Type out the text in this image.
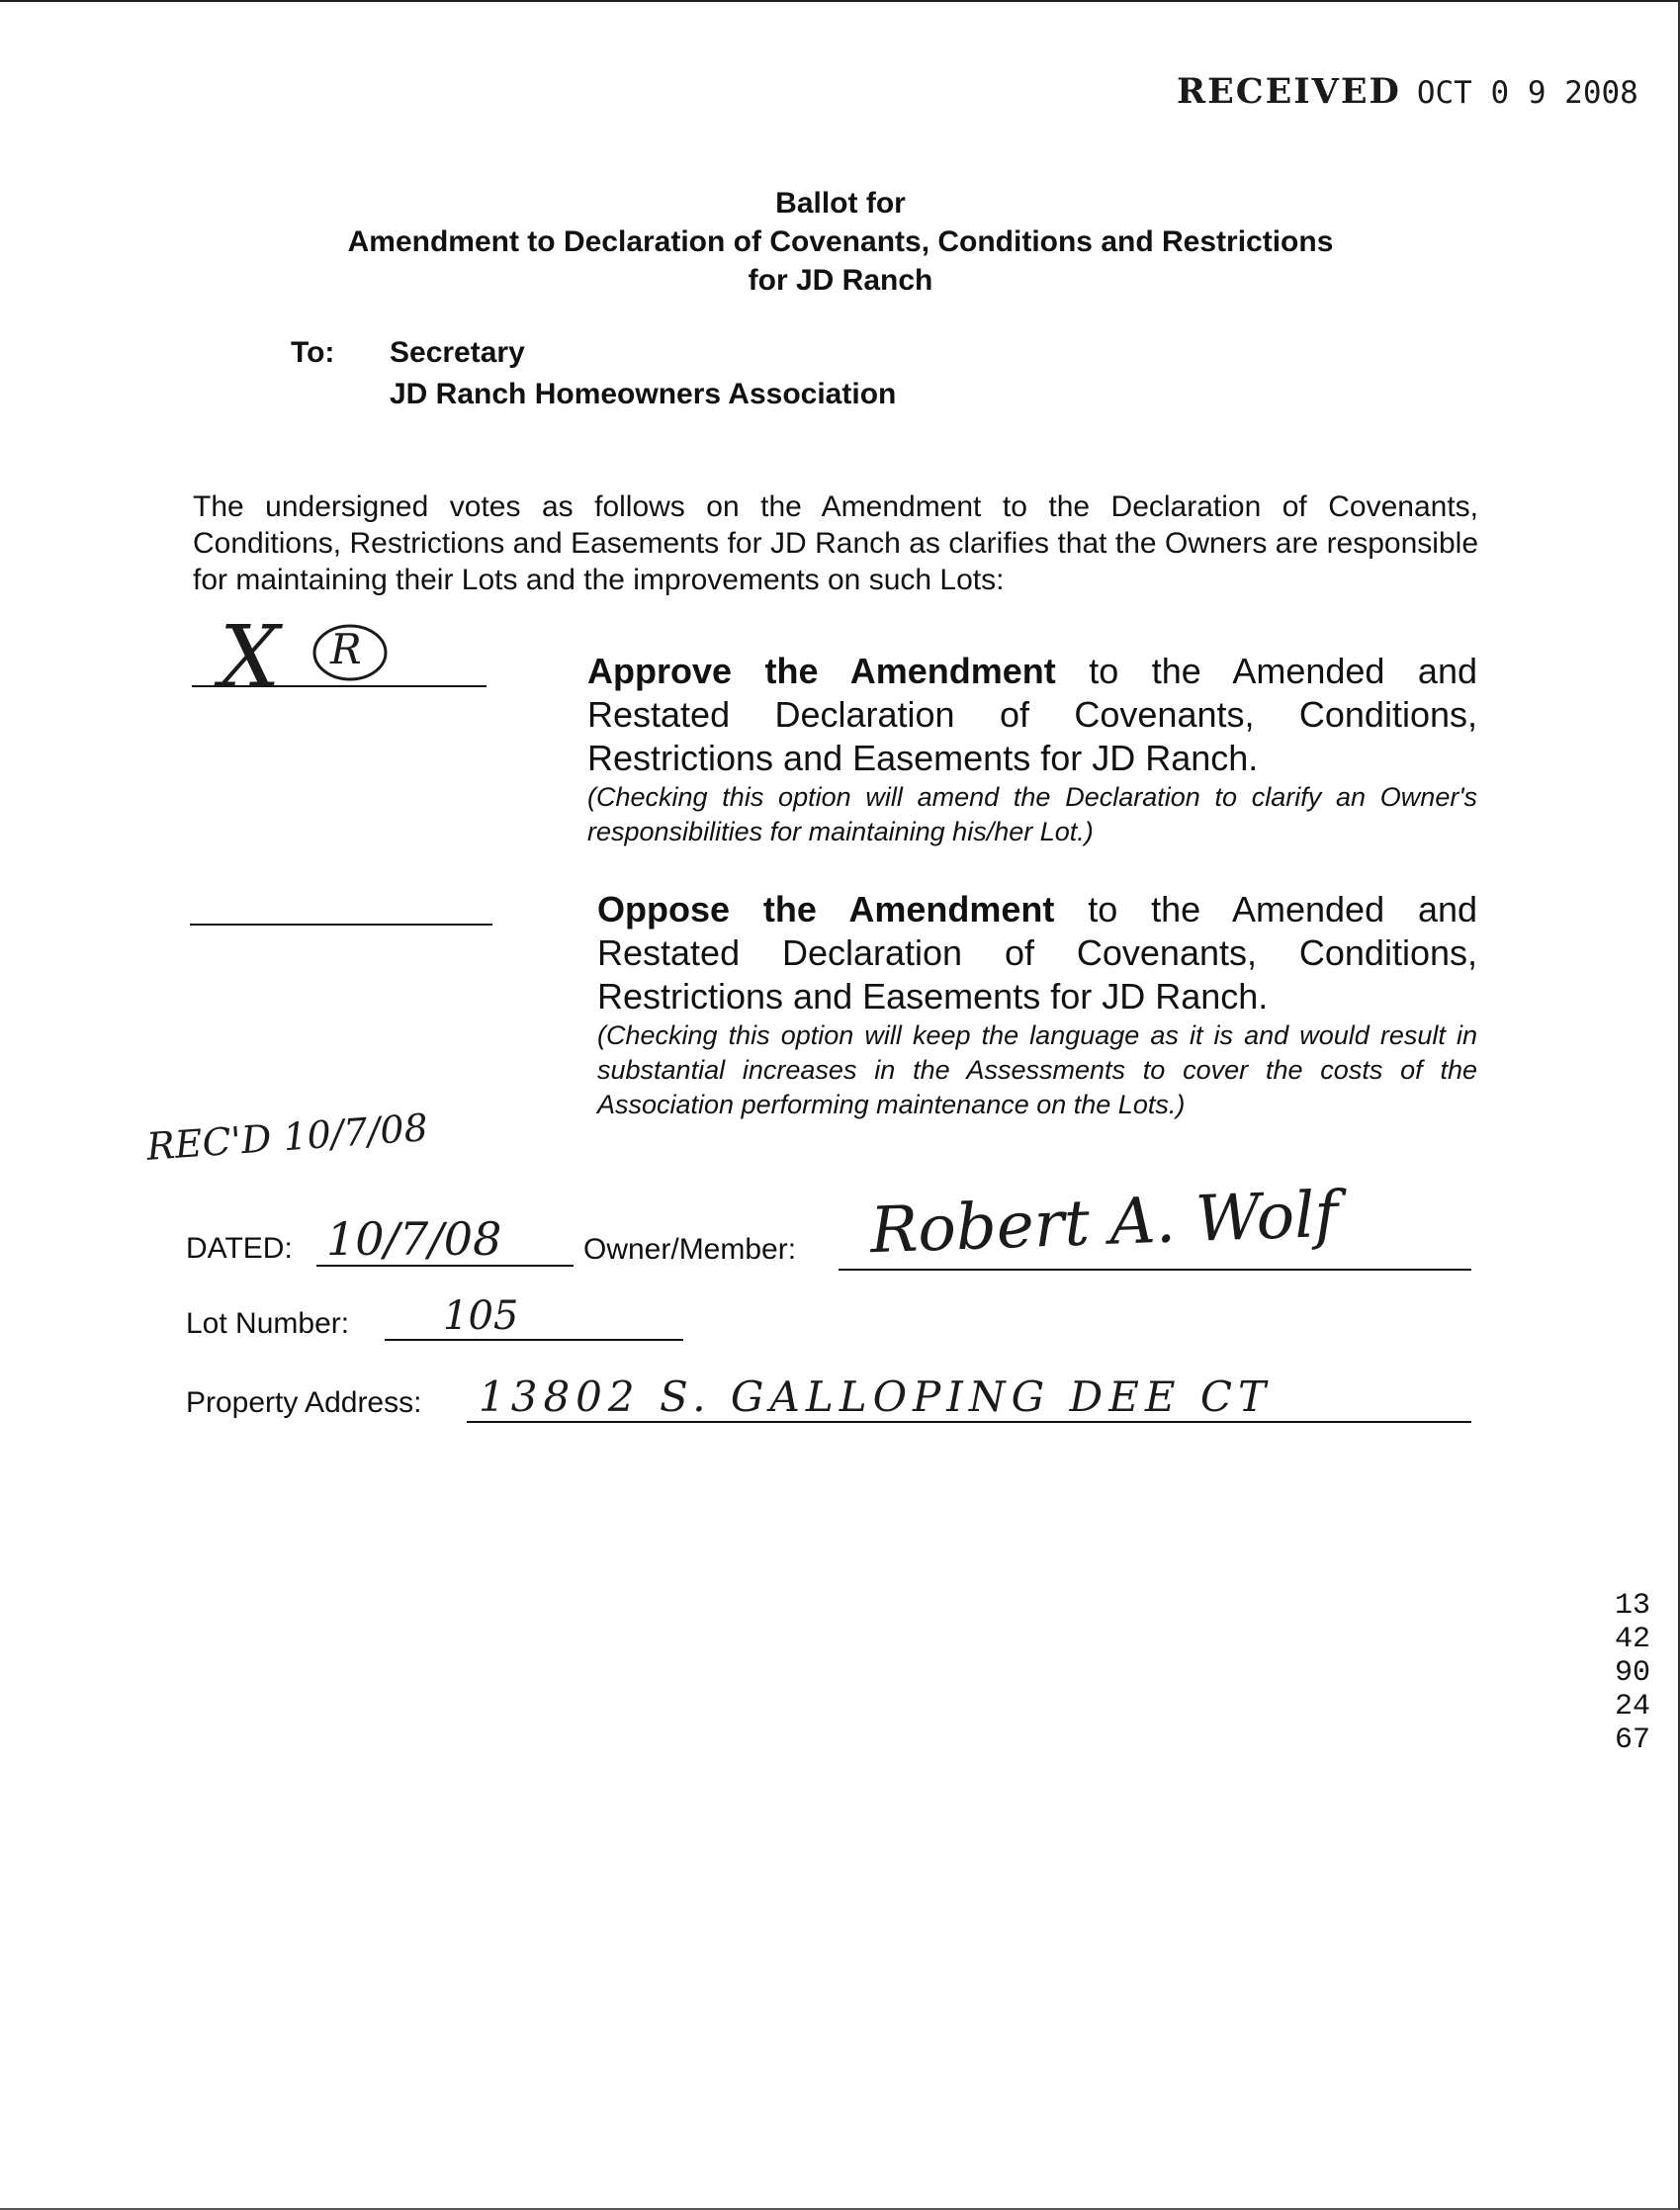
RECEIVED OCT 0 9 2008
Ballot for
Amendment to Declaration of Covenants, Conditions and Restrictions
for JD Ranch
To: Secretary
JD Ranch Homeowners Association
The undersigned votes as follows on the Amendment to the Declaration of Covenants, Conditions, Restrictions and Easements for JD Ranch as clarifies that the Owners are responsible for maintaining their Lots and the improvements on such Lots:
X R	Approve the Amendment to the Amended and Restated Declaration of Covenants, Conditions, Restrictions and Easements for JD Ranch.
(Checking this option will amend the Declaration to clarify an Owner's responsibilities for maintaining his/her Lot.)
Oppose the Amendment to the Amended and Restated Declaration of Covenants, Conditions, Restrictions and Easements for JD Ranch.
(Checking this option will keep the language as it is and would result in substantial increases in the Assessments to cover the costs of the Association performing maintenance on the Lots.)
REC'D 10/7/08
DATED: 10/7/08	Owner/Member: Robert A. Wolf
Lot Number: 105
Property Address: 13802 S. GALLOPING DEE CT
1342902467
